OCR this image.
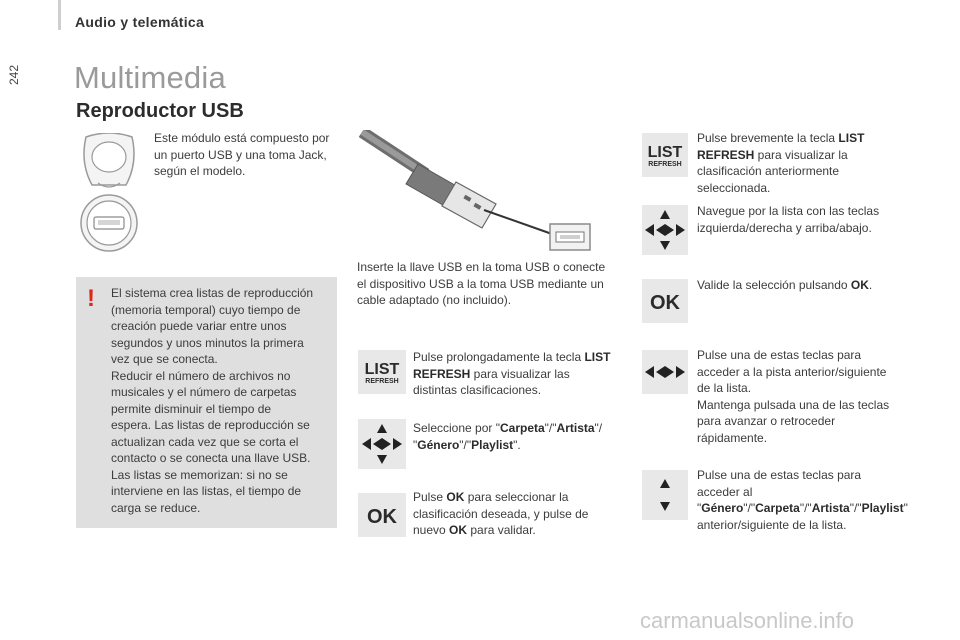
Audio y telemática
242 Multimedia
Reproductor USB
Este módulo está compuesto por un puerto USB y una toma Jack, según el modelo.
! El sistema crea listas de reproducción
(memoria temporal) cuyo tiempo de
creación puede variar entre unos
segundos y unos minutos la primera
vez que se conecta.
Reducir el número de archivos no
musicales y el número de carpetas
permite disminuir el tiempo de
espera. Las listas de reproducción se
actualizan cada vez que se corta el
contacto o se conecta una llave USB.
Las listas se memorizan: si no se
interviene en las listas, el tiempo de
carga se reduce.
Inserte la llave USB en la toma USB o conecte el dispositivo USB a la toma USB mediante un cable adaptado (no incluido).
LIST
REFRESH
Pulse prolongadamente la tecla LIST REFRESH para visualizar las distintas clasificaciones.
Seleccione por "Carpeta"/"Artista"/ "Género"/"Playlist".
OK
Pulse OK para seleccionar la clasificación deseada, y pulse de nuevo OK para validar.
LIST
REFRESH
Pulse brevemente la tecla LIST REFRESH para visualizar la clasificación anteriormente seleccionada.
Navegue por la lista con las teclas izquierda/derecha y arriba/abajo.
OK
Valide la selección pulsando OK.
Pulse una de estas teclas para acceder a la pista anterior/siguiente de la lista.
Mantenga pulsada una de las teclas para avanzar o retroceder rápidamente.
Pulse una de estas teclas para acceder al "Género"/"Carpeta"/"Artista"/"Playlist" anterior/siguiente de la lista.
carmanualsonline.info
